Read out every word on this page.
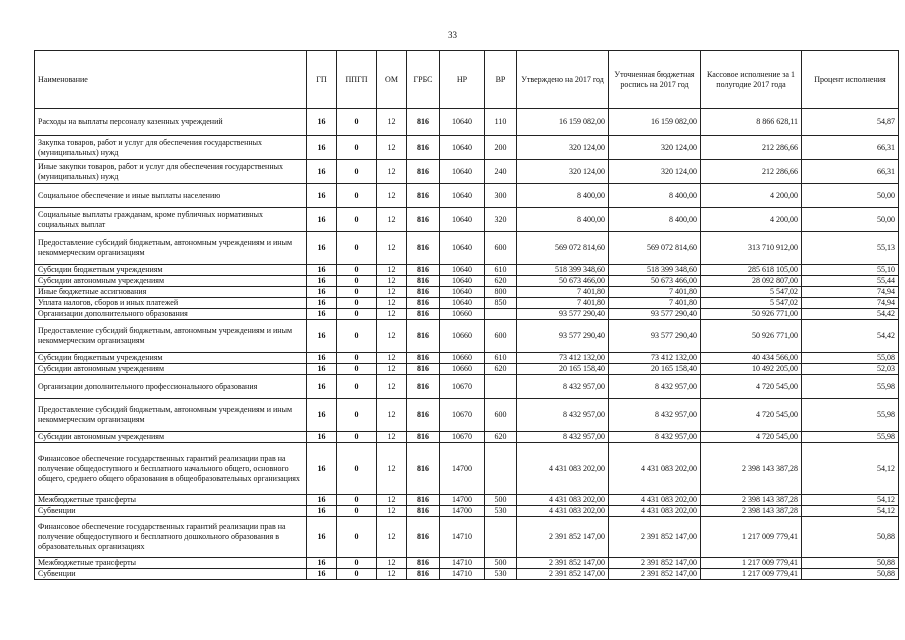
33
Наименование	ГП	ППГП	ОМ	ГРБС	НР	ВР	Утверждено на 2017 год	Уточненная бюджетная роспись на 2017 год	Кассовое исполнение за 1 полугодие 2017 года	Процент исполнения
Расходы на выплаты персоналу казенных учреждений	16	0	12	816	10640	110	16 159 082,00	16 159 082,00	8 866 628,11	54,87
Закупка товаров, работ и услуг для обеспечения государственных (муниципальных) нужд	16	0	12	816	10640	200	320 124,00	320 124,00	212 286,66	66,31
Иные закупки товаров, работ и услуг для обеспечения государственных (муниципальных) нужд	16	0	12	816	10640	240	320 124,00	320 124,00	212 286,66	66,31
Социальное обеспечение и иные выплаты населению	16	0	12	816	10640	300	8 400,00	8 400,00	4 200,00	50,00
Социальные выплаты гражданам, кроме публичных нормативных социальных выплат	16	0	12	816	10640	320	8 400,00	8 400,00	4 200,00	50,00
Предоставление субсидий бюджетным, автономным учреждениям и иным некоммерческим организациям	16	0	12	816	10640	600	569 072 814,60	569 072 814,60	313 710 912,00	55,13
Субсидии бюджетным учреждениям	16	0	12	816	10640	610	518 399 348,60	518 399 348,60	285 618 105,00	55,10
Субсидии автономным учреждениям	16	0	12	816	10640	620	50 673 466,00	50 673 466,00	28 092 807,00	55,44
Иные бюджетные ассигнования	16	0	12	816	10640	800	7 401,80	7 401,80	5 547,02	74,94
Уплата налогов, сборов и иных платежей	16	0	12	816	10640	850	7 401,80	7 401,80	5 547,02	74,94
Организации дополнительного образования	16	0	12	816	10660		93 577 290,40	93 577 290,40	50 926 771,00	54,42
Предоставление субсидий бюджетным, автономным учреждениям и иным некоммерческим организациям	16	0	12	816	10660	600	93 577 290,40	93 577 290,40	50 926 771,00	54,42
Субсидии бюджетным учреждениям	16	0	12	816	10660	610	73 412 132,00	73 412 132,00	40 434 566,00	55,08
Субсидии автономным учреждениям	16	0	12	816	10660	620	20 165 158,40	20 165 158,40	10 492 205,00	52,03
Организации дополнительного профессионального образования	16	0	12	816	10670		8 432 957,00	8 432 957,00	4 720 545,00	55,98
Предоставление субсидий бюджетным, автономным учреждениям и иным некоммерческим организациям	16	0	12	816	10670	600	8 432 957,00	8 432 957,00	4 720 545,00	55,98
Субсидии автономным учреждениям	16	0	12	816	10670	620	8 432 957,00	8 432 957,00	4 720 545,00	55,98
Финансовое обеспечение государственных гарантий реализации прав на получение общедоступного и бесплатного начального общего, основного общего, среднего общего образования в общеобразовательных организациях	16	0	12	816	14700		4 431 083 202,00	4 431 083 202,00	2 398 143 387,28	54,12
Межбюджетные трансферты	16	0	12	816	14700	500	4 431 083 202,00	4 431 083 202,00	2 398 143 387,28	54,12
Субвенции	16	0	12	816	14700	530	4 431 083 202,00	4 431 083 202,00	2 398 143 387,28	54,12
Финансовое обеспечение государственных гарантий реализации прав на получение общедоступного и бесплатного дошкольного образования в образовательных организациях	16	0	12	816	14710		2 391 852 147,00	2 391 852 147,00	1 217 009 779,41	50,88
Межбюджетные трансферты	16	0	12	816	14710	500	2 391 852 147,00	2 391 852 147,00	1 217 009 779,41	50,88
Субвенции	16	0	12	816	14710	530	2 391 852 147,00	2 391 852 147,00	1 217 009 779,41	50,88
